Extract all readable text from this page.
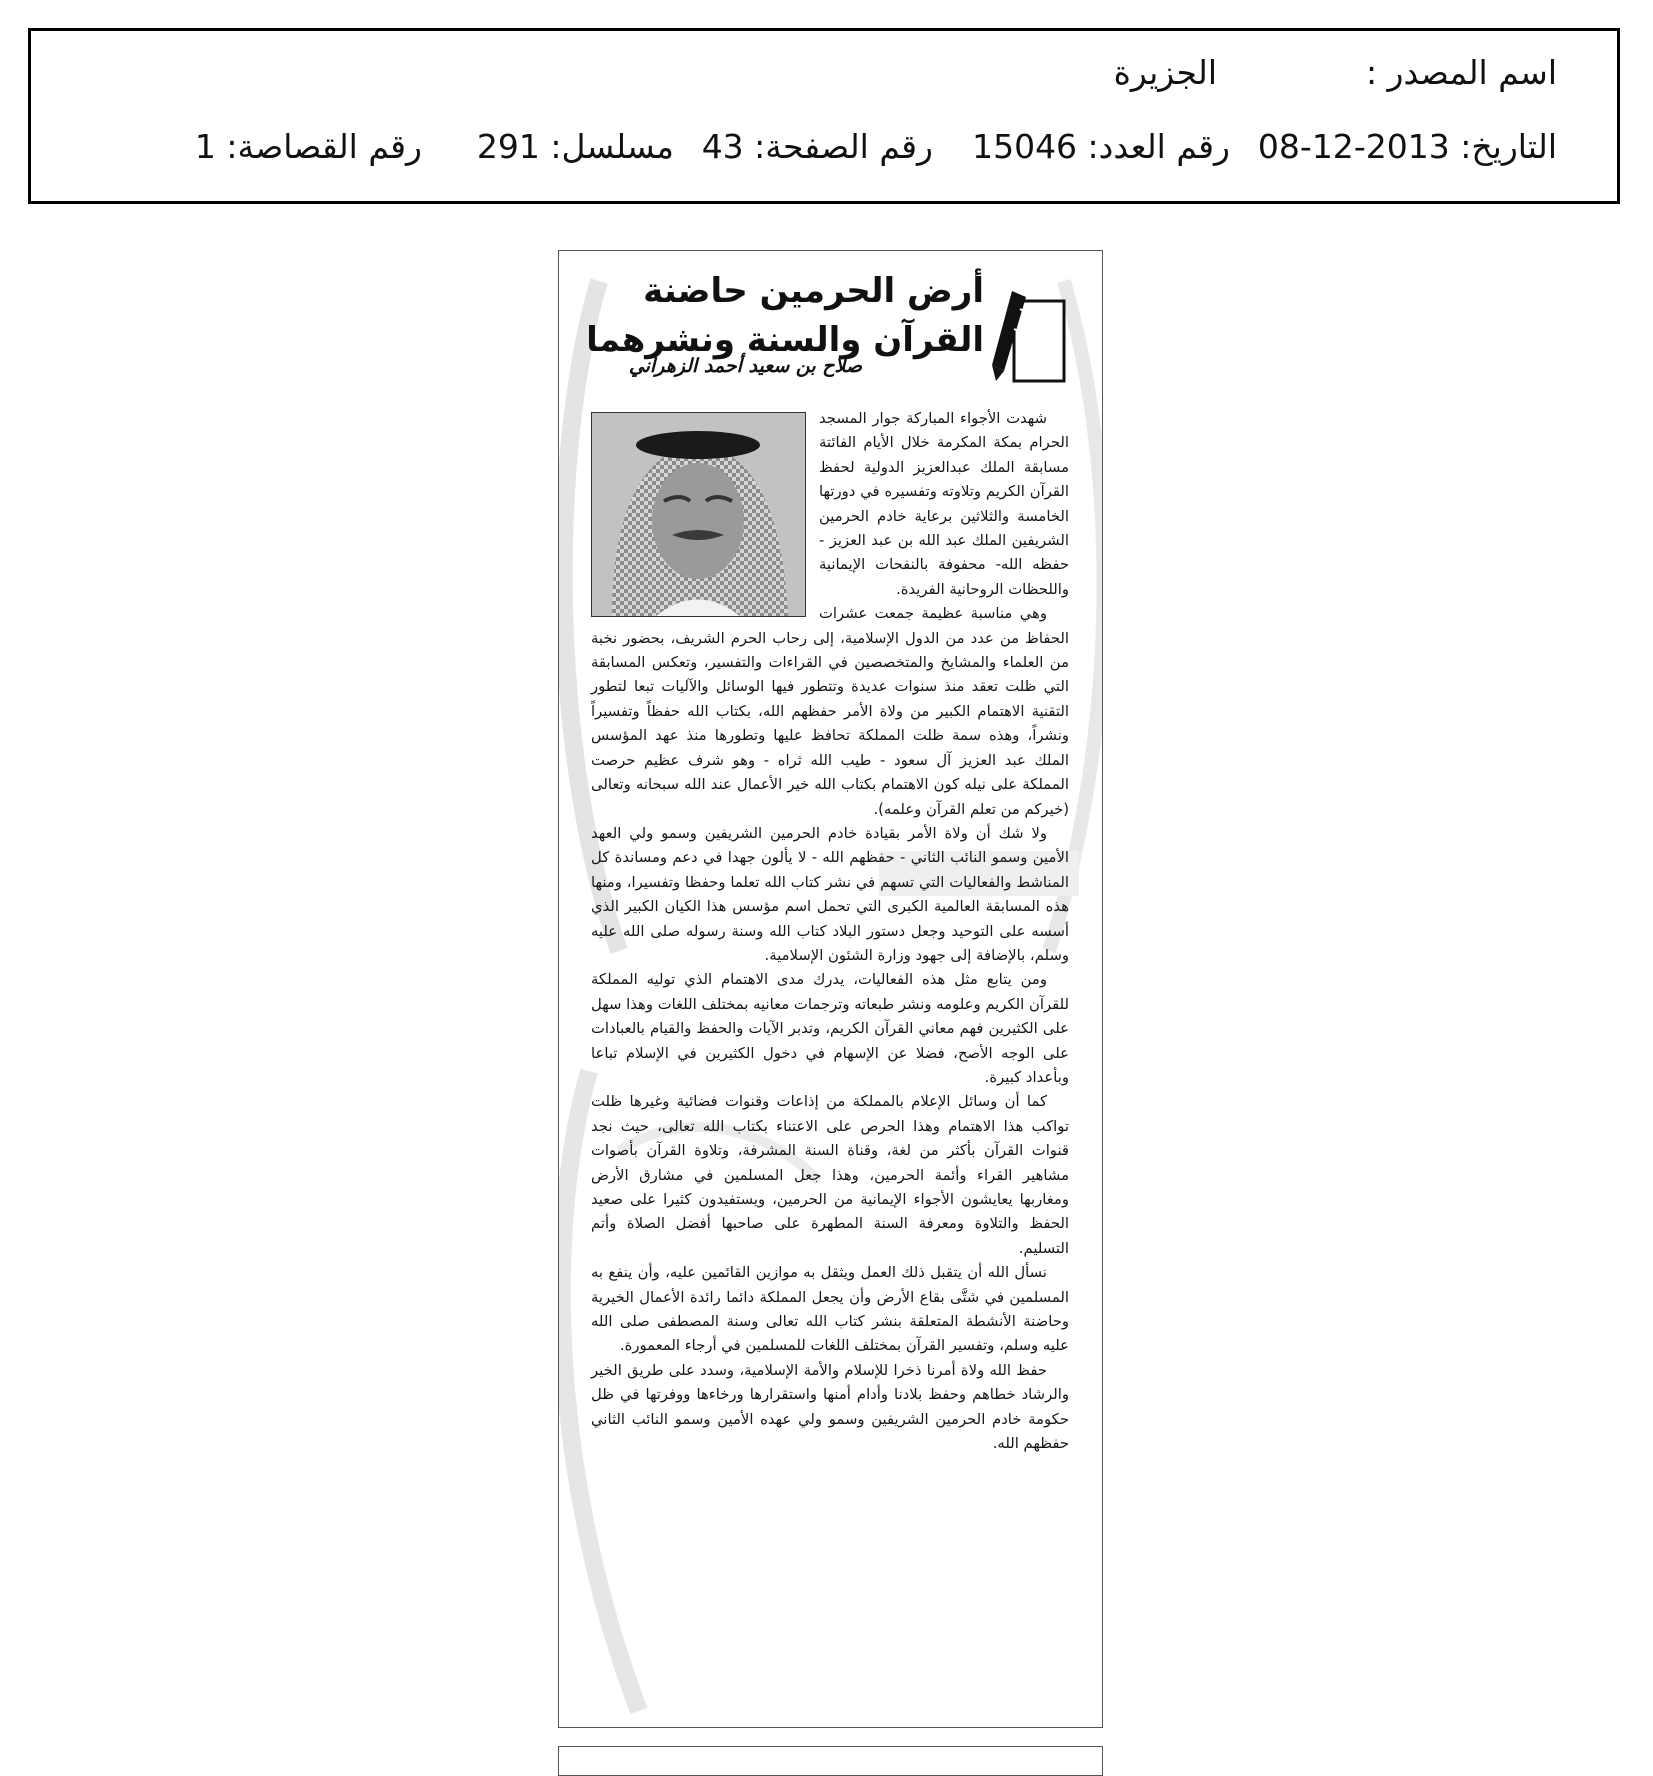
اسم المصدر :
الجزيرة
التاريخ: 2013-12-08
رقم العدد: 15046
رقم الصفحة: 43
مسلسل: 291
رقم القصاصة: 1
أرض الحرمين حاضنة القرآن والسنة ونشرهما
صلاح بن سعيد أحمد الزهراني

شهدت الأجواء المباركة جوار المسجد الحرام بمكة المكرمة خلال الأيام الفائتة مسابقة الملك عبدالعزيز الدولية لحفظ القرآن الكريم وتلاوته وتفسيره في دورتها الخامسة والثلاثين برعاية خادم الحرمين الشريفين الملك عبد الله بن عبد العزيز - حفظه الله- محفوفة بالنفحات الإيمانية واللحظات الروحانية الفريدة.

وهي مناسبة عظيمة جمعت عشرات الحفاظ من عدد من الدول الإسلامية، إلى رحاب الحرم الشريف، بحضور نخبة من العلماء والمشايخ والمتخصصين في القراءات والتفسير، وتعكس المسابقة التي ظلت تعقد منذ سنوات عديدة وتتطور فيها الوسائل والآليات تبعا لتطور التقنية الاهتمام الكبير من ولاة الأمر حفظهم الله، بكتاب الله حفظاً وتفسيراً ونشراً، وهذه سمة ظلت المملكة تحافظ عليها وتطورها منذ عهد المؤسس الملك عبد العزيز آل سعود - طيب الله ثراه - وهو شرف عظيم حرصت المملكة على نيله كون الاهتمام بكتاب الله خير الأعمال عند الله سبحانه وتعالى (خيركم من تعلم القرآن وعلمه).

ولا شك أن ولاة الأمر بقيادة خادم الحرمين الشريفين وسمو ولي العهد الأمين وسمو النائب الثاني - حفظهم الله - لا يألون جهدا في دعم ومساندة كل المناشط والفعاليات التي تسهم في نشر كتاب الله تعلما وحفظا وتفسيرا، ومنها هذه المسابقة العالمية الكبرى التي تحمل اسم مؤسس هذا الكيان الكبير الذي أسسه على التوحيد وجعل دستور البلاد كتاب الله وسنة رسوله صلى الله عليه وسلم، بالإضافة إلى جهود وزارة الشئون الإسلامية.

ومن يتابع مثل هذه الفعاليات، يدرك مدى الاهتمام الذي توليه المملكة للقرآن الكريم وعلومه ونشر طبعاته وترجمات معانيه بمختلف اللغات وهذا سهل على الكثيرين فهم معاني القرآن الكريم، وتدبر الآيات والحفظ والقيام بالعبادات على الوجه الأصح، فضلا عن الإسهام في دخول الكثيرين في الإسلام تباعا وبأعداد كبيرة.

كما أن وسائل الإعلام بالمملكة من إذاعات وقنوات فضائية وغيرها ظلت تواكب هذا الاهتمام وهذا الحرص على الاعتناء بكتاب الله تعالى، حيث نجد قنوات القرآن بأكثر من لغة، وقناة السنة المشرفة، وتلاوة القرآن بأصوات مشاهير القراء وأئمة الحرمين، وهذا جعل المسلمين في مشارق الأرض ومغاربها يعايشون الأجواء الإيمانية من الحرمين، ويستفيدون كثيرا على صعيد الحفظ والتلاوة ومعرفة السنة المطهرة على صاحبها أفضل الصلاة وأتم التسليم.

نسأل الله أن يتقبل ذلك العمل ويثقل به موازين القائمين عليه، وأن ينفع به المسلمين في شتَّى بقاع الأرض وأن يجعل المملكة دائما رائدة الأعمال الخيرية وحاضنة الأنشطة المتعلقة بنشر كتاب الله تعالى وسنة المصطفى صلى الله عليه وسلم، وتفسير القرآن بمختلف اللغات للمسلمين في أرجاء المعمورة.

حفظ الله ولاة أمرنا ذخرا للإسلام والأمة الإسلامية، وسدد على طريق الخير والرشاد خطاهم وحفظ بلادنا وأدام أمنها واستقرارها ورخاءها ووفرتها في ظل حكومة خادم الحرمين الشريفين وسمو ولي عهده الأمين وسمو النائب الثاني حفظهم الله.
